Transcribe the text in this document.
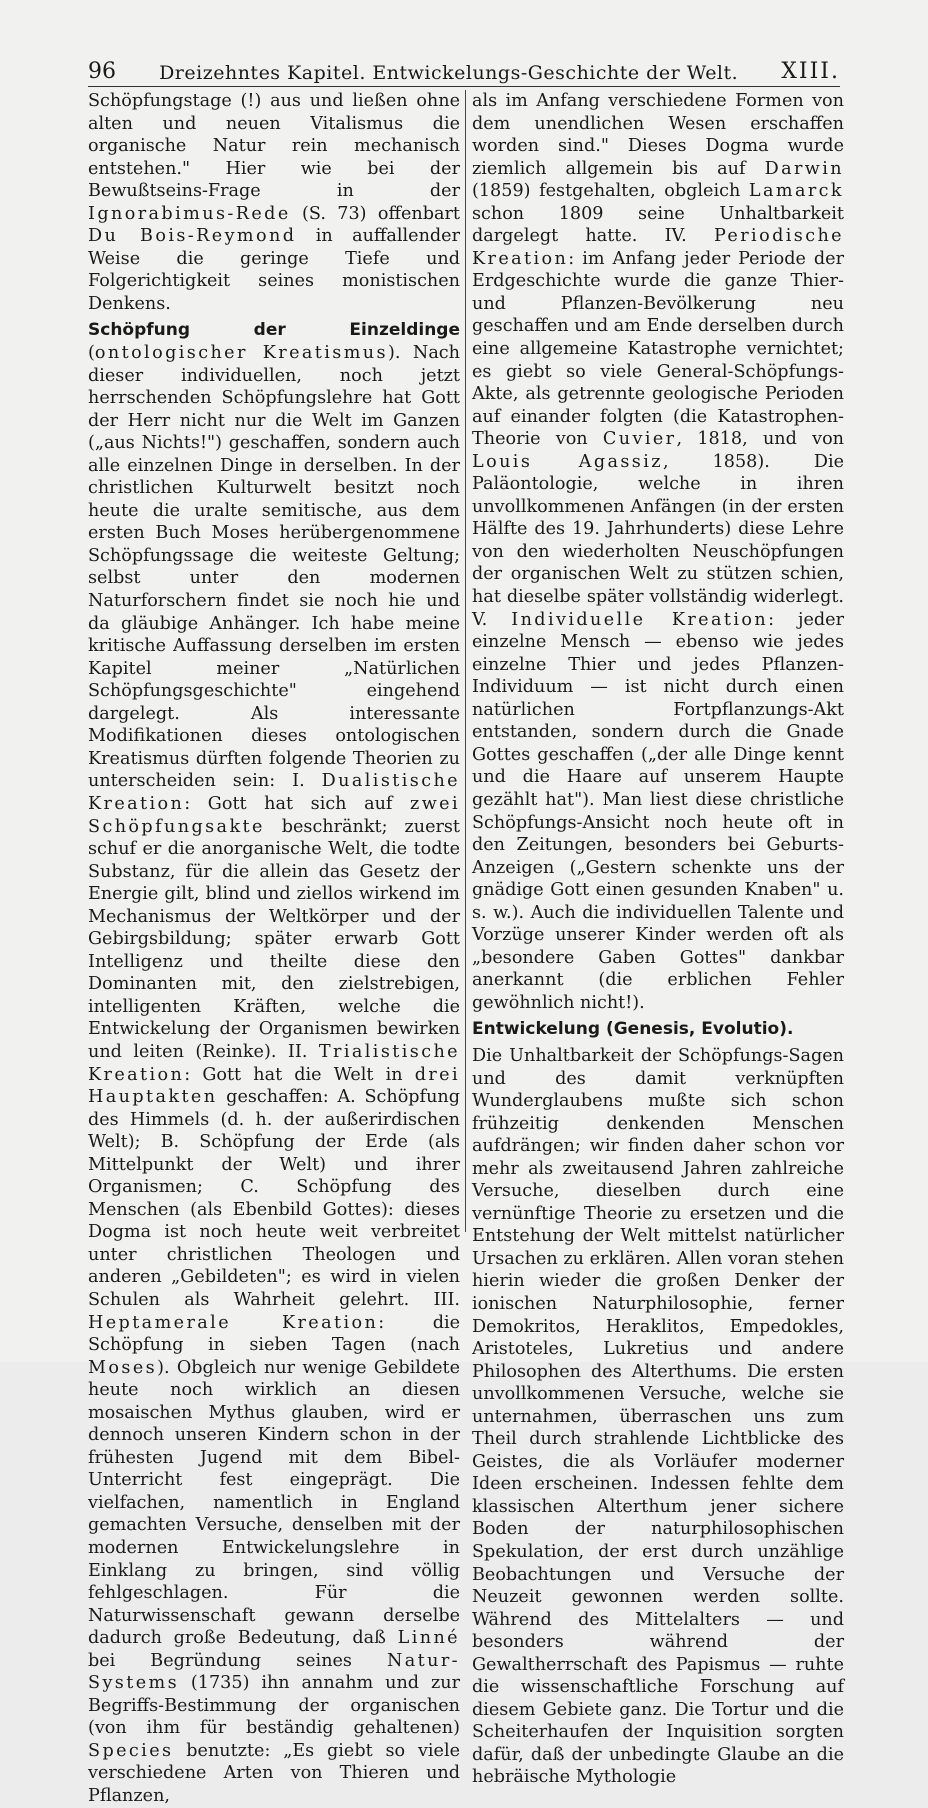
96 Dreizehntes Kapitel. Entwickelungs-Geschichte der Welt. XIII.

Schöpfungstage (!) aus und ließen ohne alten und neuen Vitalismus die organische Natur rein mechanisch entstehen." Hier wie bei der Bewußtseins-Frage in der Ignorabimus-Rede (S. 73) offenbart Du Bois-Reymond in auffallender Weise die geringe Tiefe und Folgerichtigkeit seines monistischen Denkens.

Schöpfung der Einzeldinge (ontologischer Kreatismus). Nach dieser individuellen, noch jetzt herrschenden Schöpfungslehre hat Gott der Herr nicht nur die Welt im Ganzen („aus Nichts!") geschaffen, sondern auch alle einzelnen Dinge in derselben. In der christlichen Kulturwelt besitzt noch heute die uralte semitische, aus dem ersten Buch Moses herübergenommene Schöpfungssage die weiteste Geltung; selbst unter den modernen Naturforschern findet sie noch hie und da gläubige Anhänger. Ich habe meine kritische Auffassung derselben im ersten Kapitel meiner „Natürlichen Schöpfungsgeschichte" eingehend dargelegt. Als interessante Modifikationen dieses ontologischen Kreatismus dürften folgende Theorien zu unterscheiden sein: I. Dualistische Kreation: Gott hat sich auf zwei Schöpfungsakte beschränkt; zuerst schuf er die anorganische Welt, die todte Substanz, für die allein das Gesetz der Energie gilt, blind und ziellos wirkend im Mechanismus der Weltkörper und der Gebirgsbildung; später erwarb Gott Intelligenz und theilte diese den Dominanten mit, den zielstrebigen, intelligenten Kräften, welche die Entwickelung der Organismen bewirken und leiten (Reinke). II. Trialistische Kreation: Gott hat die Welt in drei Hauptakten geschaffen: A. Schöpfung des Himmels (d. h. der außerirdischen Welt); B. Schöpfung der Erde (als Mittelpunkt der Welt) und ihrer Organismen; C. Schöpfung des Menschen (als Ebenbild Gottes): dieses Dogma ist noch heute weit verbreitet unter christlichen Theologen und anderen „Gebildeten"; es wird in vielen Schulen als Wahrheit gelehrt. III. Heptamerale Kreation: die Schöpfung in sieben Tagen (nach Moses). Obgleich nur wenige Gebildete heute noch wirklich an diesen mosaischen Mythus glauben, wird er dennoch unseren Kindern schon in der frühesten Jugend mit dem Bibel-Unterricht fest eingeprägt. Die vielfachen, namentlich in England gemachten Versuche, denselben mit der modernen Entwickelungslehre in Einklang zu bringen, sind völlig fehlgeschlagen. Für die Naturwissenschaft gewann derselbe dadurch große Bedeutung, daß Linné bei Begründung seines Natur-Systems (1735) ihn annahm und zur Begriffs-Bestimmung der organischen (von ihm für beständig gehaltenen) Species benutzte: „Es giebt so viele verschiedene Arten von Thieren und Pflanzen,

als im Anfang verschiedene Formen von dem unendlichen Wesen erschaffen worden sind." Dieses Dogma wurde ziemlich allgemein bis auf Darwin (1859) festgehalten, obgleich Lamarck schon 1809 seine Unhaltbarkeit dargelegt hatte. IV. Periodische Kreation: im Anfang jeder Periode der Erdgeschichte wurde die ganze Thier- und Pflanzen-Bevölkerung neu geschaffen und am Ende derselben durch eine allgemeine Katastrophe vernichtet; es giebt so viele General-Schöpfungs-Akte, als getrennte geologische Perioden auf einander folgten (die Katastrophen-Theorie von Cuvier, 1818, und von Louis Agassiz, 1858). Die Paläontologie, welche in ihren unvollkommenen Anfängen (in der ersten Hälfte des 19. Jahrhunderts) diese Lehre von den wiederholten Neuschöpfungen der organischen Welt zu stützen schien, hat dieselbe später vollständig widerlegt. V. Individuelle Kreation: jeder einzelne Mensch — ebenso wie jedes einzelne Thier und jedes Pflanzen-Individuum — ist nicht durch einen natürlichen Fortpflanzungs-Akt entstanden, sondern durch die Gnade Gottes geschaffen („der alle Dinge kennt und die Haare auf unserem Haupte gezählt hat"). Man liest diese christliche Schöpfungs-Ansicht noch heute oft in den Zeitungen, besonders bei Geburts-Anzeigen („Gestern schenkte uns der gnädige Gott einen gesunden Knaben" u. s. w.). Auch die individuellen Talente und Vorzüge unserer Kinder werden oft als „besondere Gaben Gottes" dankbar anerkannt (die erblichen Fehler gewöhnlich nicht!).

Entwickelung (Genesis, Evolutio).

Die Unhaltbarkeit der Schöpfungs-Sagen und des damit verknüpften Wunderglaubens mußte sich schon frühzeitig denkenden Menschen aufdrängen; wir finden daher schon vor mehr als zweitausend Jahren zahlreiche Versuche, dieselben durch eine vernünftige Theorie zu ersetzen und die Entstehung der Welt mittelst natürlicher Ursachen zu erklären. Allen voran stehen hierin wieder die großen Denker der ionischen Naturphilosophie, ferner Demokritos, Heraklitos, Empedokles, Aristoteles, Lukretius und andere Philosophen des Alterthums. Die ersten unvollkommenen Versuche, welche sie unternahmen, überraschen uns zum Theil durch strahlende Lichtblicke des Geistes, die als Vorläufer moderner Ideen erscheinen. Indessen fehlte dem klassischen Alterthum jener sichere Boden der naturphilosophischen Spekulation, der erst durch unzählige Beobachtungen und Versuche der Neuzeit gewonnen werden sollte. Während des Mittelalters — und besonders während der Gewaltherrschaft des Papismus — ruhte die wissenschaftliche Forschung auf diesem Gebiete ganz. Die Tortur und die Scheiterhaufen der Inquisition sorgten dafür, daß der unbedingte Glaube an die hebräische Mythologie
